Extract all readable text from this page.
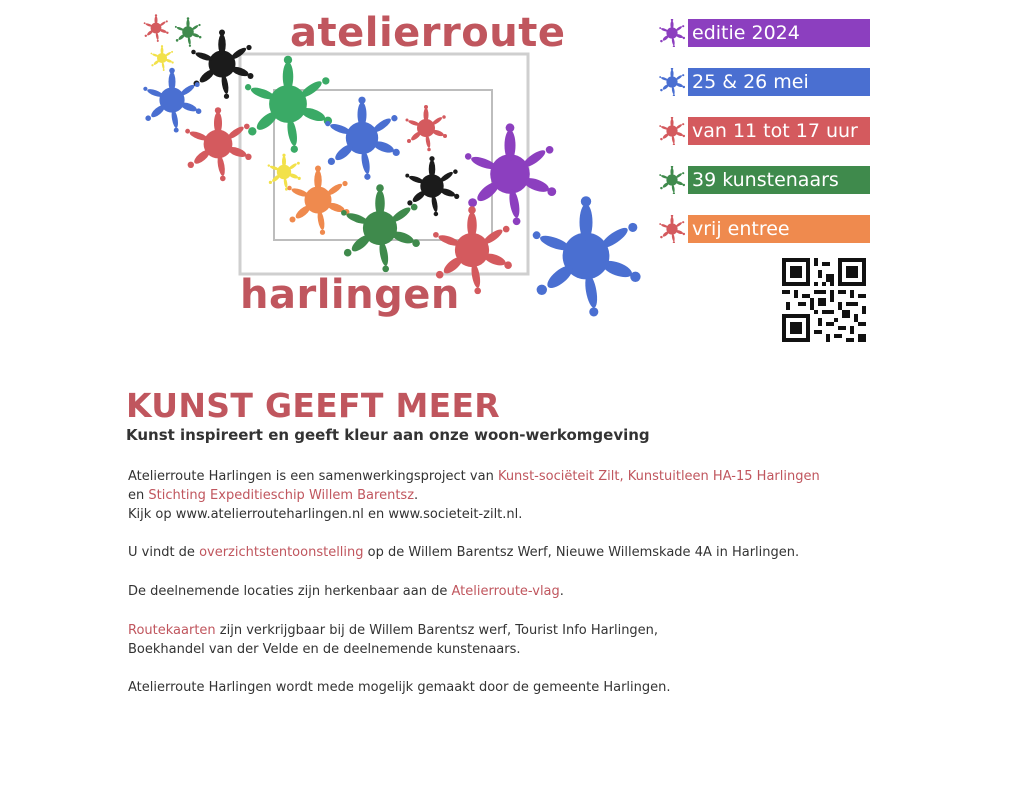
atelierroute
harlingen
editie 2024
25 & 26 mei
van 11 tot 17 uur
39 kunstenaars
vrij entree
KUNST GEEFT MEER
Kunst inspireert en geeft kleur aan onze woon-werkomgeving
Atelierroute Harlingen is een samenwerkingsproject van Kunst-sociëteit Zilt, Kunstuitleen HA-15 Harlingen
en Stichting Expeditieschip Willem Barentsz.
Kijk op www.atelierrouteharlingen.nl en www.societeit-zilt.nl.
U vindt de overzichtstentoonstelling op de Willem Barentsz Werf, Nieuwe Willemskade 4A in Harlingen.
De deelnemende locaties zijn herkenbaar aan de Atelierroute-vlag.
Routekaarten zijn verkrijgbaar bij de Willem Barentsz werf, Tourist Info Harlingen,
Boekhandel van der Velde en de deelnemende kunstenaars.
Atelierroute Harlingen wordt mede mogelijk gemaakt door de gemeente Harlingen.
